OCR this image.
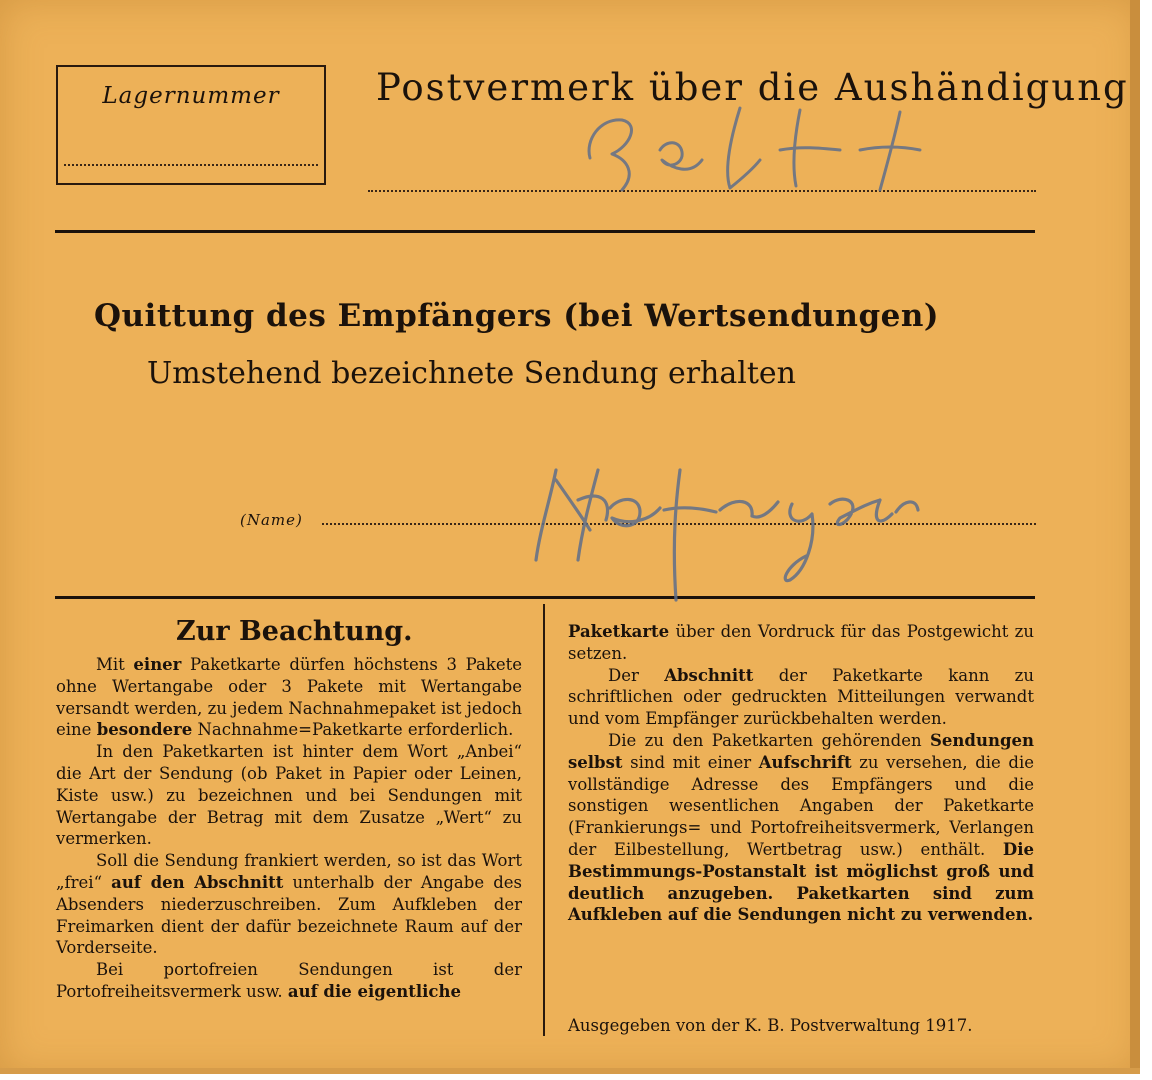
Lagernummer	Postvermerk über die Aushändigung
Quittung des Empfängers (bei Wertsendungen)
Umstehend bezeichnete Sendung erhalten
(Name)
Zur Beachtung.

Mit einer Paketkarte dürfen höchstens 3 Pakete ohne Wertangabe oder 3 Pakete mit Wertangabe versandt werden, zu jedem Nachnahmepaket ist jedoch eine besondere Nachnahme=Paketkarte erforderlich.

In den Paketkarten ist hinter dem Wort „Anbei“ die Art der Sendung (ob Paket in Papier oder Leinen, Kiste usw.) zu bezeichnen und bei Sendungen mit Wertangabe der Betrag mit dem Zusatze „Wert“ zu vermerken.

Soll die Sendung frankiert werden, so ist das Wort „frei“ auf den Abschnitt unterhalb der Angabe des Absenders niederzuschreiben. Zum Aufkleben der Freimarken dient der dafür bezeichnete Raum auf der Vorderseite.

Bei portofreien Sendungen ist der Portofreiheitsvermerk usw. auf die eigentliche

Paketkarte über den Vordruck für das Postgewicht zu setzen.

Der Abschnitt der Paketkarte kann zu schriftlichen oder gedruckten Mitteilungen verwandt und vom Empfänger zurückbehalten werden.

Die zu den Paketkarten gehörenden Sendungen selbst sind mit einer Aufschrift zu versehen, die die vollständige Adresse des Empfängers und die sonstigen wesentlichen Angaben der Paketkarte (Frankierungs= und Portofreiheitsvermerk, Verlangen der Eilbestellung, Wertbetrag usw.) enthält. Die Bestimmungs-Postanstalt ist möglichst groß und deutlich anzugeben. Paketkarten sind zum Aufkleben auf die Sendungen nicht zu verwenden.

Ausgegeben von der K. B. Postverwaltung 1917.
